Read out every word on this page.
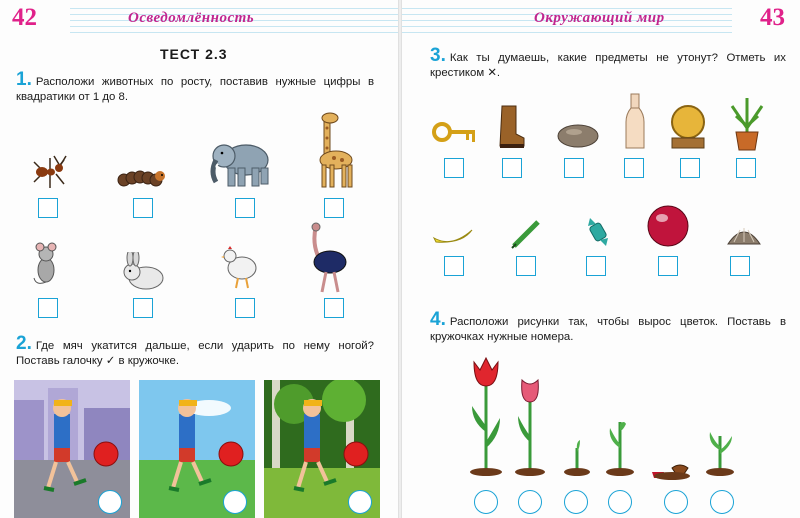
42	Осведомлённость
ТЕСТ 2.3
1. Расположи животных по росту, поставив нужные цифры в квадратики от 1 до 8.
2. Где мяч укатится дальше, если ударить по нему ногой? Поставь галочку ✓ в кружочке.
Окружающий мир	43
3. Как ты думаешь, какие предметы не утонут? Отметь их крестиком ✕.
4. Расположи рисунки так, чтобы вырос цветок. Поставь в кружочках нужные номера.
